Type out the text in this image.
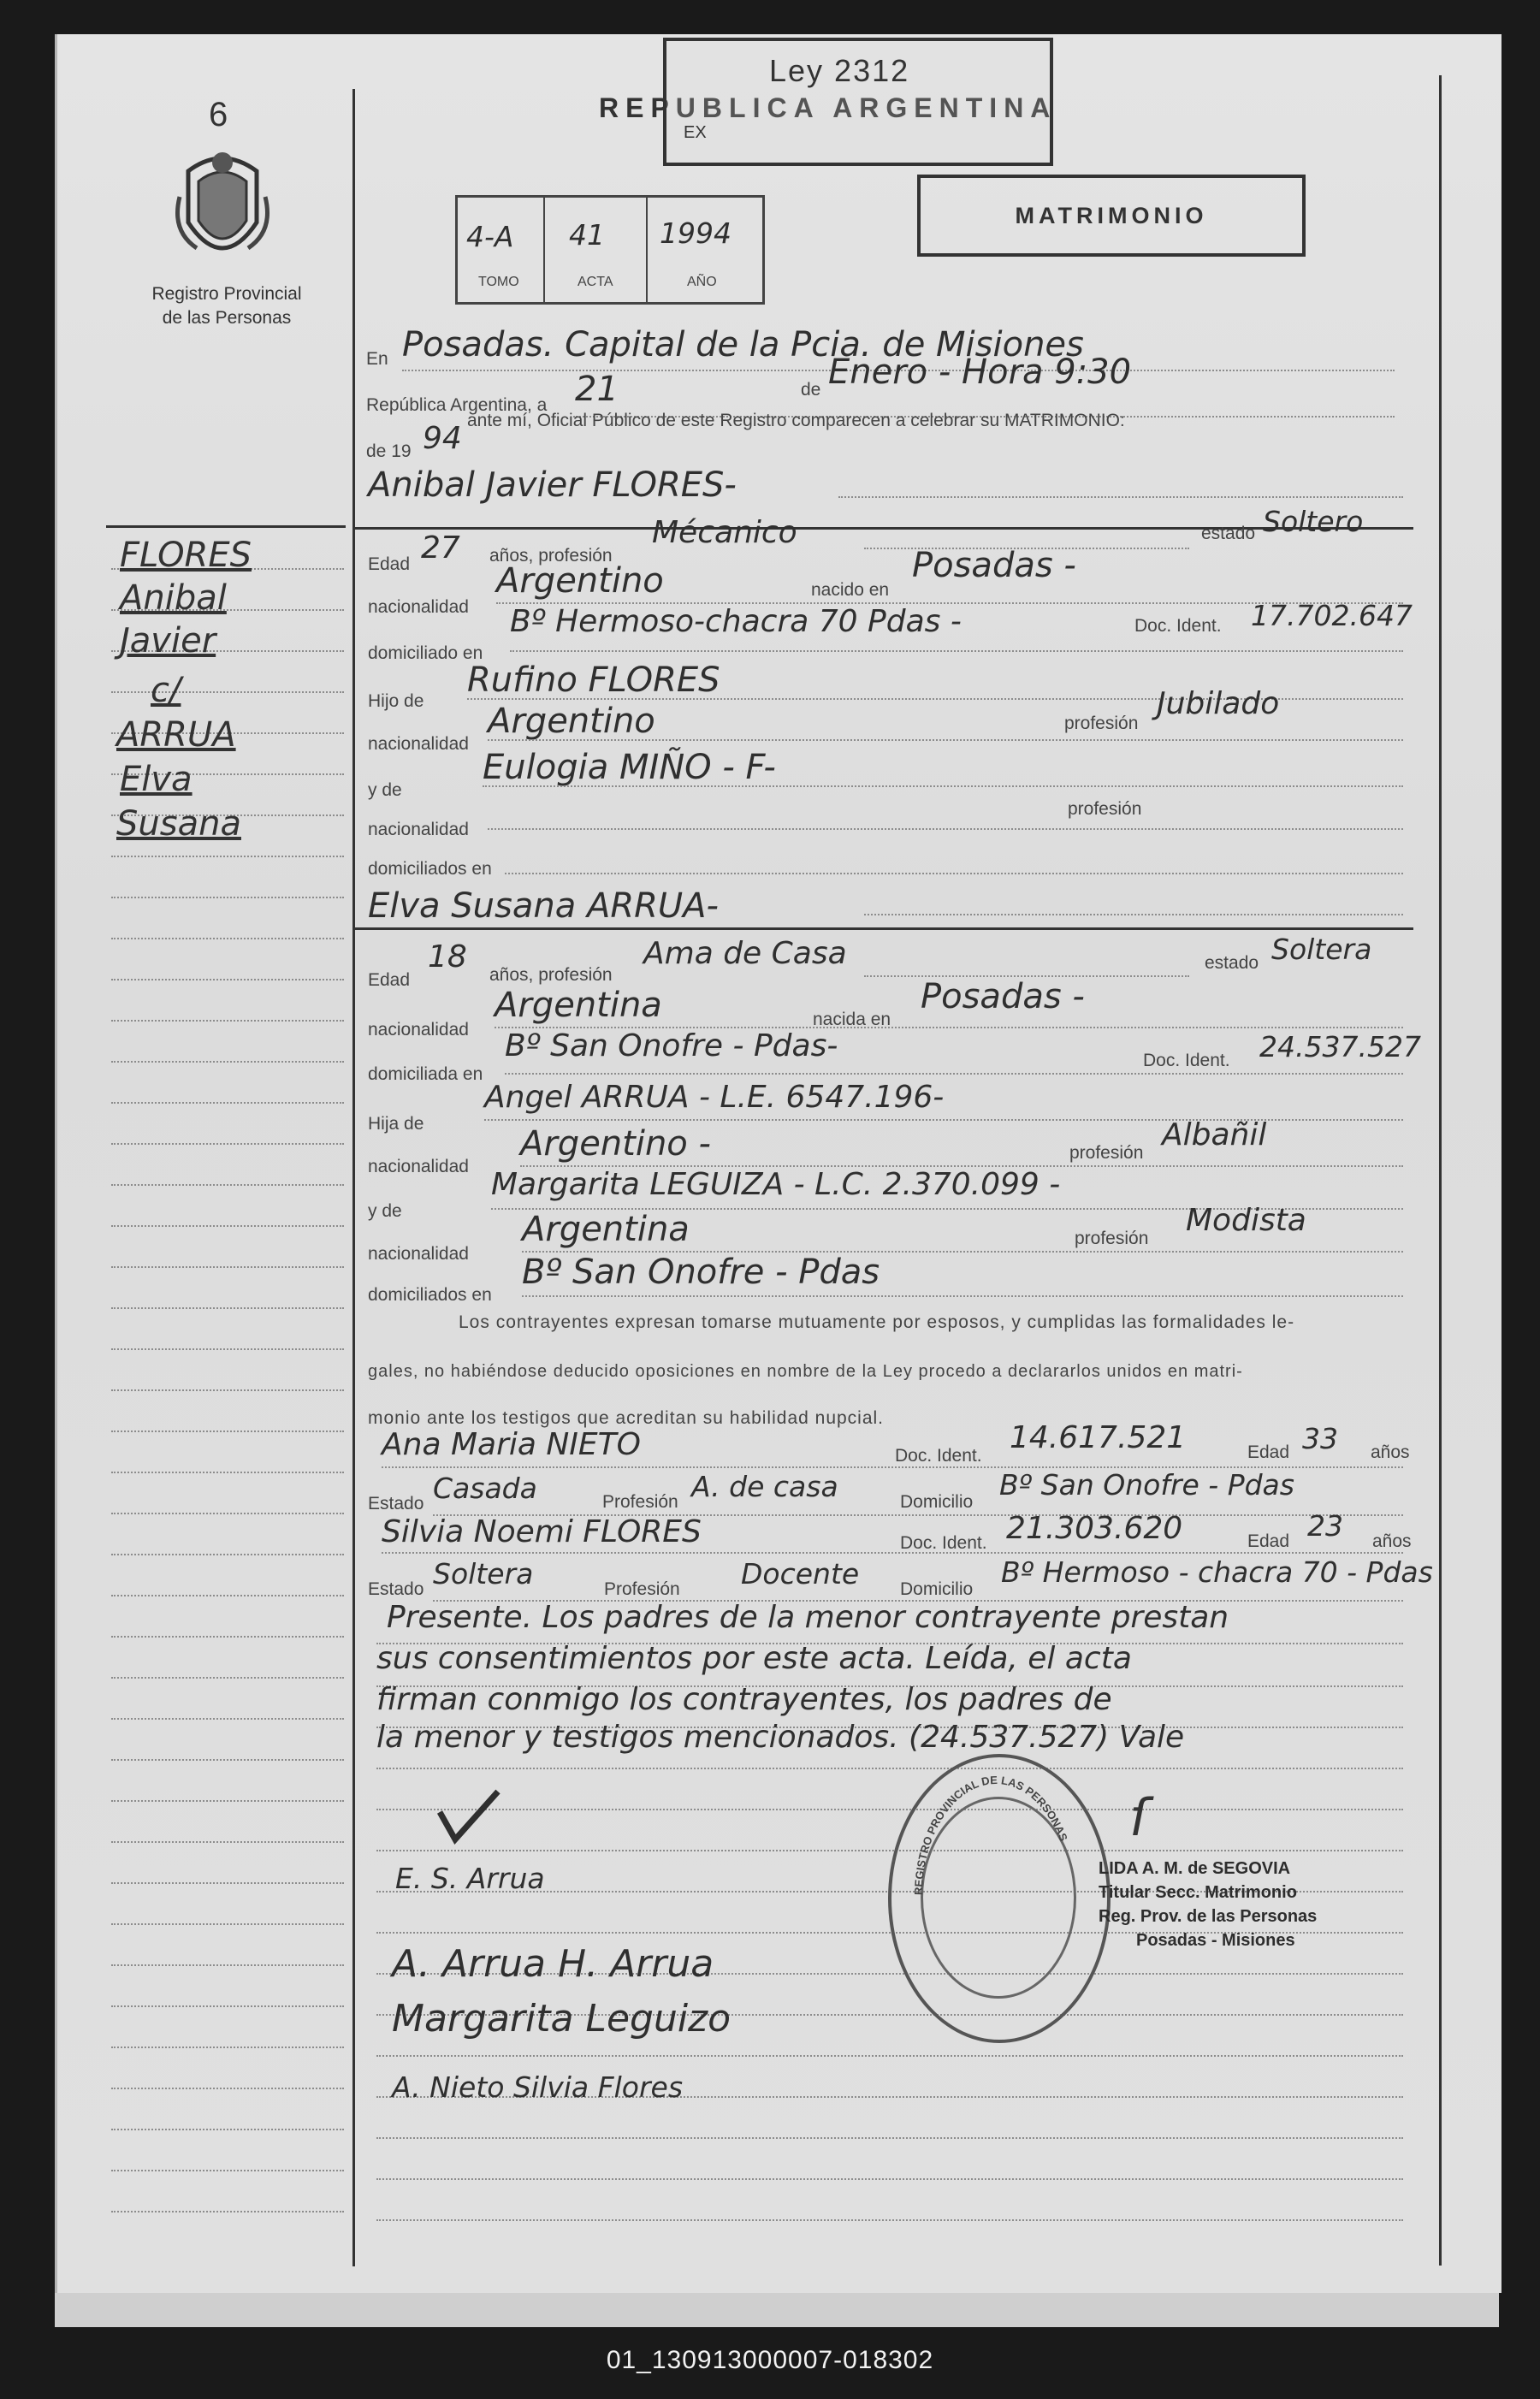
6
Registro Provincial
de las Personas
REPUBLICA ARGENTINA
Ley 2312
EX
MATRIMONIO
4-A 41 1994
TOMO	ACTA	AÑO
En Posadas. Capital de la Pcia. de Misiones
República Argentina, a 21	de Enero - Hora 9:30
de 19 94
ante mí, Oficial Público de este Registro comparecen a celebrar su MATRIMONIO:
Anibal Javier FLORES-
Edad 27 años, profesión
Mécanico	estado Soltero
nacionalidad
Argentino	nacido en
Posadas -
domiciliado en
Bº Hermoso-chacra 70 Pdas -	Doc. Ident. 17.702.647
Hijo de
Rufino FLORES
nacionalidad
Argentino	profesión
Jubilado
y de
Eulogia MIÑO - F-
nacionalidad
profesión
domiciliados en
Elva Susana ARRUA-
Edad
18
años, profesión
Ama de Casa	estado Soltera
nacionalidad
Argentina	nacida en
Posadas -
domiciliada en
Bº San Onofre - Pdas-	Doc. Ident. 24.537.527
Hija de
Angel ARRUA - L.E. 6547.196-
nacionalidad
Argentino -	profesión
Albañil
y de
Margarita LEGUIZA - L.C. 2.370.099 -
nacionalidad
Argentina	profesión
Modista
domiciliados en
Bº San Onofre - Pdas
Los contrayentes expresan tomarse mutuamente por esposos, y cumplidas las formalidades le-
gales, no habiéndose deducido oposiciones en nombre de la Ley procedo a declararlos unidos en matri-
monio ante los testigos que acreditan su habilidad nupcial.
Ana Maria NIETO	Doc. Ident.
14.617.521	Edad 33 años
Estado Casada	Profesión A. de casa	Domicilio
Bº San Onofre - Pdas
Silvia Noemi FLORES	Doc. Ident. 21.303.620	Edad 23 años
Estado Soltera	Profesión Docente Domicilio
Bº Hermoso - chacra 70 - Pdas
Presente. Los padres de la menor contrayente prestan
sus consentimientos por este acta. Leída, el acta
firman conmigo los contrayentes, los padres de
la menor y testigos mencionados. (24.537.527) Vale
E. S. Arrua
A. Arrua H. Arrua
Margarita Leguizo
A. Nieto Silvia Flores
REGISTRO PROVINCIAL DE LAS PERSONAS ſ
LIDA A. M. de SEGOVIA
Titular Secc. Matrimonio
Reg. Prov. de las Personas
Posadas - Misiones
FLORES
Anibal
Javier
c/
ARRUA
Elva
Susana
01_130913000007-018302
